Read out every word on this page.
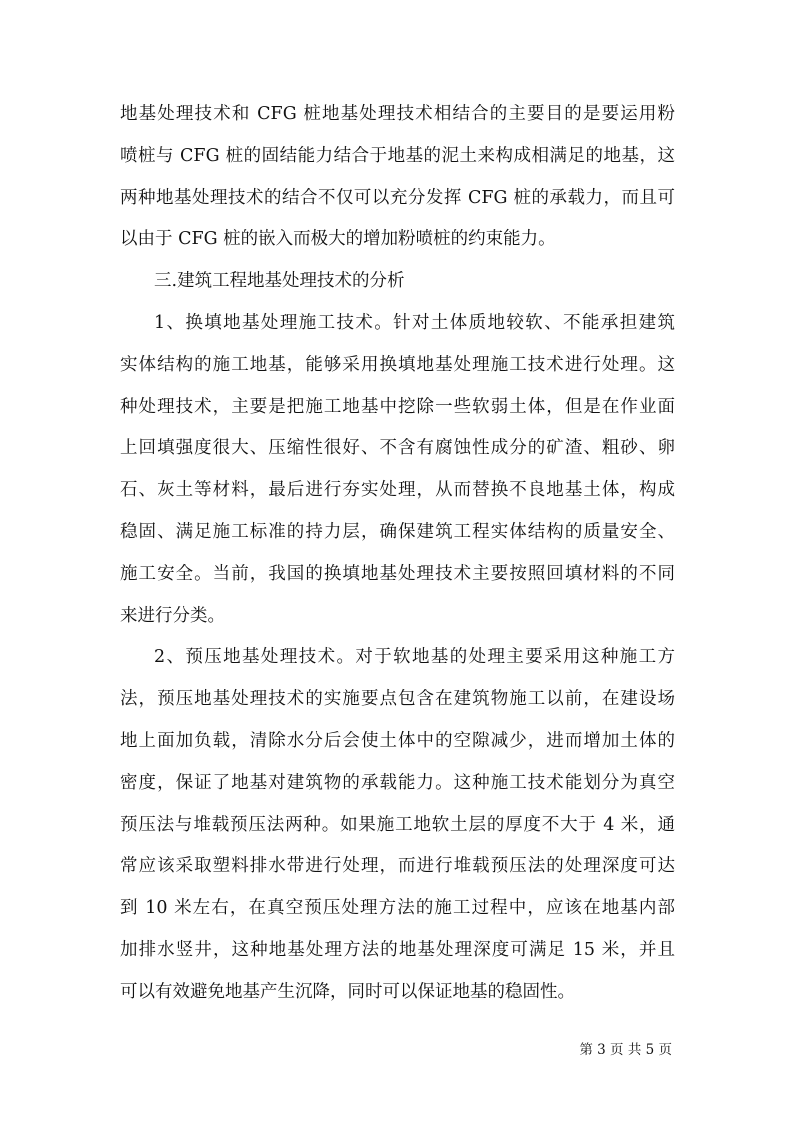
地基处理技术和 CFG 桩地基处理技术相结合的主要目的是要运用粉
喷桩与 CFG 桩的固结能力结合于地基的泥土来构成相满足的地基，这
两种地基处理技术的结合不仅可以充分发挥 CFG 桩的承载力，而且可
以由于 CFG 桩的嵌入而极大的增加粉喷桩的约束能力。
三.建筑工程地基处理技术的分析
1、换填地基处理施工技术。针对土体质地较软、不能承担建筑
实体结构的施工地基，能够采用换填地基处理施工技术进行处理。这
种处理技术，主要是把施工地基中挖除一些软弱土体，但是在作业面
上回填强度很大、压缩性很好、不含有腐蚀性成分的矿渣、粗砂、卵
石、灰土等材料，最后进行夯实处理，从而替换不良地基土体，构成
稳固、满足施工标准的持力层，确保建筑工程实体结构的质量安全、
施工安全。当前，我国的换填地基处理技术主要按照回填材料的不同
来进行分类。
2、预压地基处理技术。对于软地基的处理主要采用这种施工方
法，预压地基处理技术的实施要点包含在建筑物施工以前，在建设场
地上面加负载，清除水分后会使土体中的空隙减少，进而增加土体的
密度，保证了地基对建筑物的承载能力。这种施工技术能划分为真空
预压法与堆载预压法两种。如果施工地软土层的厚度不大于 4 米，通
常应该采取塑料排水带进行处理，而进行堆载预压法的处理深度可达
到 10 米左右，在真空预压处理方法的施工过程中，应该在地基内部
加排水竖井，这种地基处理方法的地基处理深度可满足 15 米，并且
可以有效避免地基产生沉降，同时可以保证地基的稳固性。
第 3 页 共 5 页
